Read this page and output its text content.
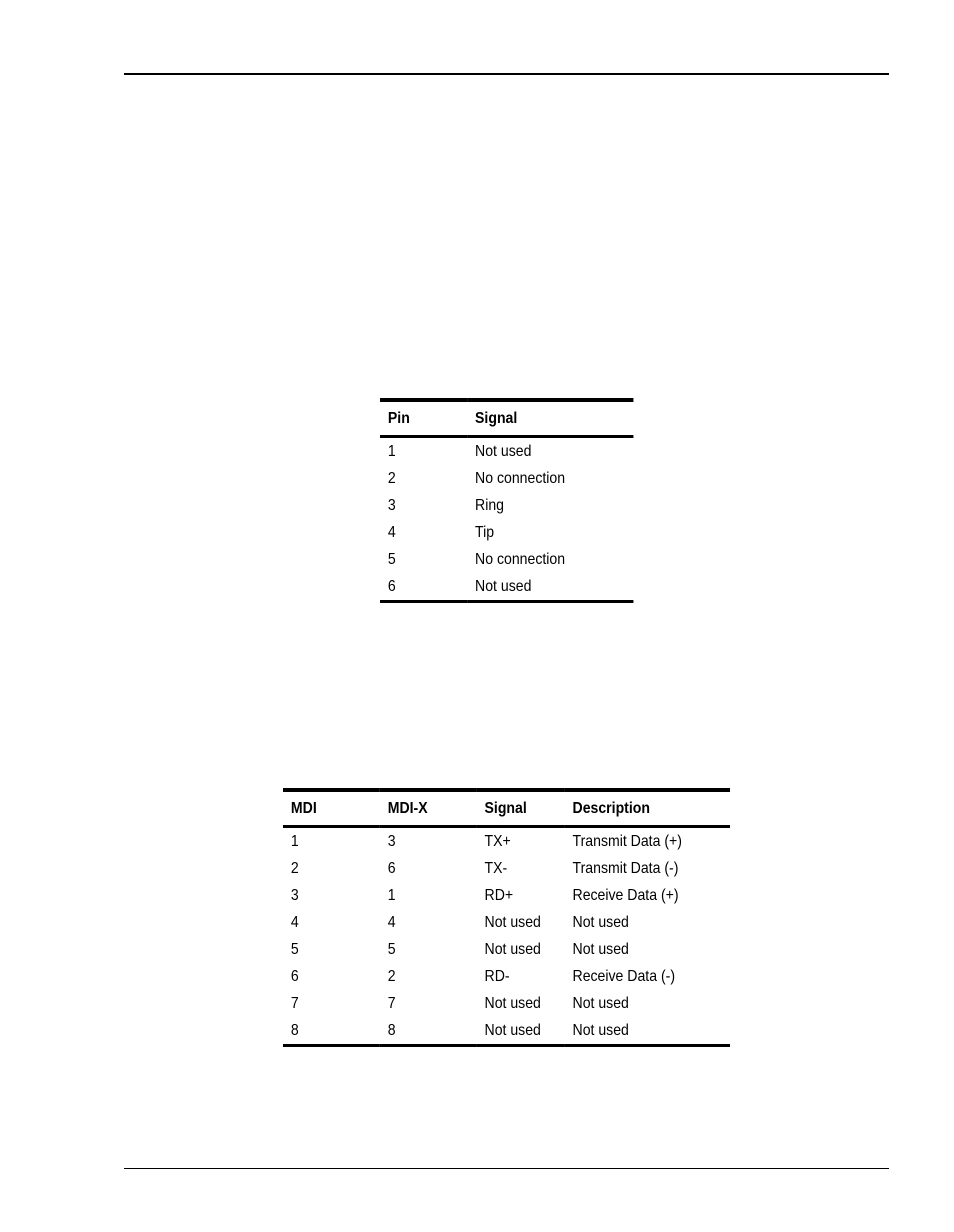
Pin	Signal
1	Not used
2	No connection
3	Ring
4	Tip
5	No connection
6	Not used
MDI	MDI-X	Signal	Description
1	3	TX+	Transmit Data (+)
2	6	TX-	Transmit Data (-)
3	1	RD+	Receive Data (+)
4	4	Not used	Not used
5	5	Not used	Not used
6	2	RD-	Receive Data (-)
7	7	Not used	Not used
8	8	Not used	Not used
